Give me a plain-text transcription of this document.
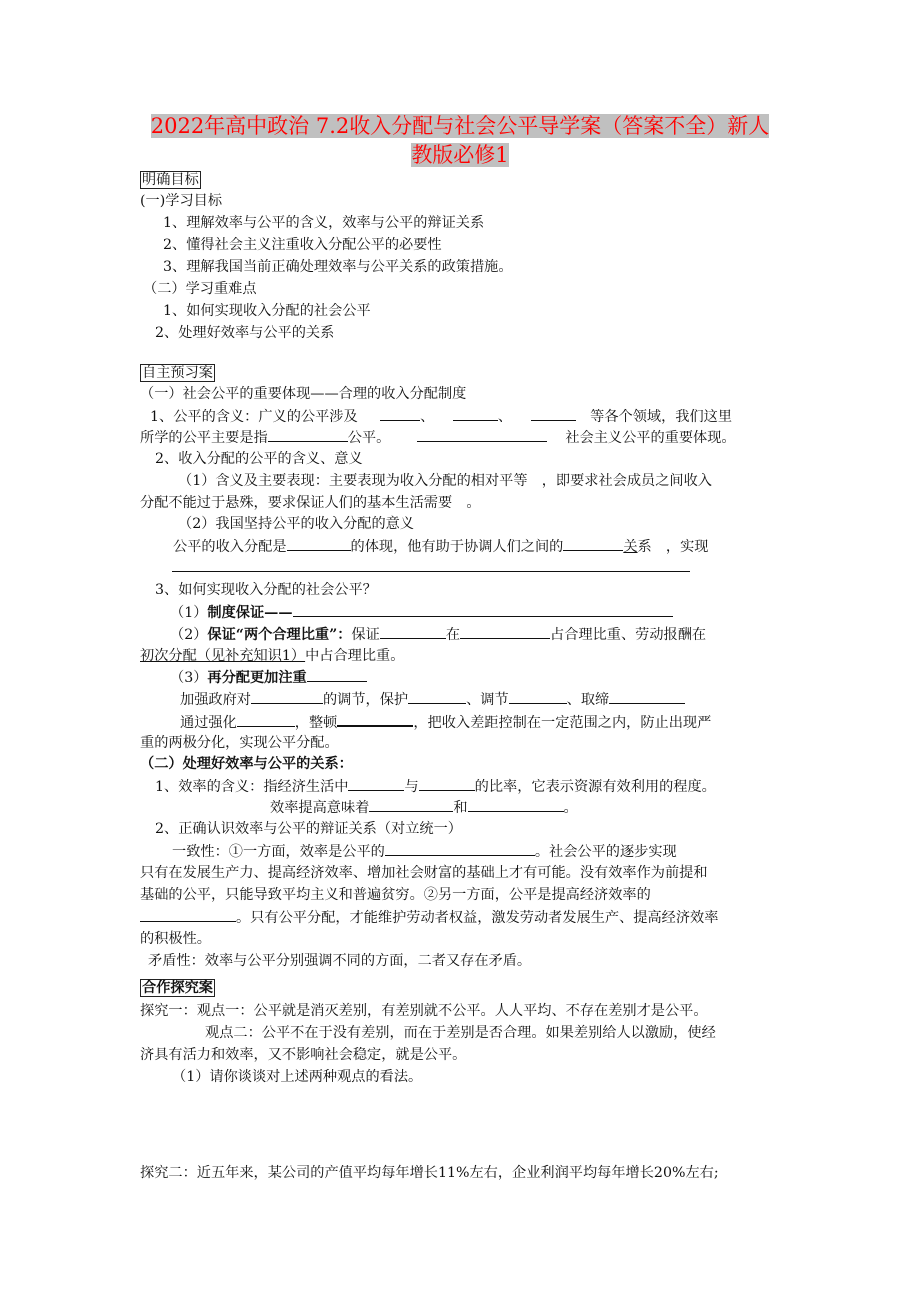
2022年高中政治 7.2收入分配与社会公平导学案（答案不全）新人
教版必修1
明确目标
(一)学习目标
1、理解效率与公平的含义，效率与公平的辩证关系
2、懂得社会主义注重收入分配公平的必要性
3、理解我国当前正确处理效率与公平关系的政策措施。
（二）学习重难点
1、如何实现收入分配的社会公平
2、处理好效率与公平的关系
自主预习案
（一）社会公平的重要体现——合理的收入分配制度
1、公平的含义：广义的公平涉及	、	、	等各个领域，我们这里
所学的公平主要是指	公平。	社会主义公平的重要体现。
2、收入分配的公平的含义、意义
（1）含义及主要表现：主要表现为收入分配的相对平等　，即要求社会成员之间收入
分配不能过于悬殊，要求保证人们的基本生活需要　。
（2）我国坚持公平的收入分配的意义
公平的收入分配是	的体现，他有助于协调人们之间的	关系　，实现
3、如何实现收入分配的社会公平？
（1）制度保证——
（2）保证“两个合理比重”：保证	在	占合理比重、劳动报酬在
初次分配（见补充知识1）中占合理比重。
（3）再分配更加注重
加强政府对	的调节，保护	、调节	、取缔
通过强化	，整顿	，把收入差距控制在一定范围之内，防止出现严
重的两极分化，实现公平分配。
（二）处理好效率与公平的关系：
1、效率的含义：指经济生活中	与	的比率，它表示资源有效利用的程度。
效率提高意味着	和	。
2、正确认识效率与公平的辩证关系（对立统一）
一致性：①一方面，效率是公平的	。社会公平的逐步实现
只有在发展生产力、提高经济效率、增加社会财富的基础上才有可能。没有效率作为前提和
基础的公平，只能导致平均主义和普遍贫穷。②另一方面，公平是提高经济效率的
。只有公平分配，才能维护劳动者权益，激发劳动者发展生产、提高经济效率
的积极性。
矛盾性：效率与公平分别强调不同的方面，二者又存在矛盾。
合作探究案
探究一：观点一：公平就是消灭差别，有差别就不公平。人人平均、不存在差别才是公平。
观点二：公平不在于没有差别，而在于差别是否合理。如果差别给人以激励，使经
济具有活力和效率，又不影响社会稳定，就是公平。
（1）请你谈谈对上述两种观点的看法。
探究二：近五年来，某公司的产值平均每年增长11%左右，企业利润平均每年增长20%左右;
